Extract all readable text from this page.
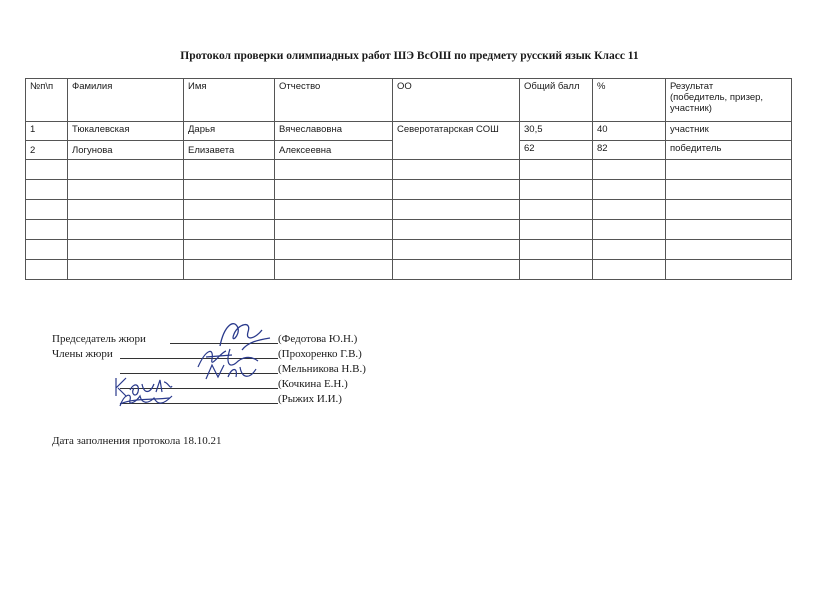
Протокол проверки олимпиадных работ ШЭ ВсОШ по предмету русский язык Класс 11
№п\п	Фамилия	Имя	Отчество	ОО	Общий балл	%	Результат
(победитель, призер, участник)
1	Тюкалевская	Дарья	Вячеславовна	Северотатарская СОШ	30,5	40	участник
2	Логунова	Елизавета	Алексеевна		62	82	победитель

Председатель жюри	(Федотова Ю.Н.)
Члены жюри	(Прохоренко Г.В.)
(Мельникова Н.В.)
(Кочкина Е.Н.)
(Рыжих И.И.)
Дата заполнения протокола 18.10.21
